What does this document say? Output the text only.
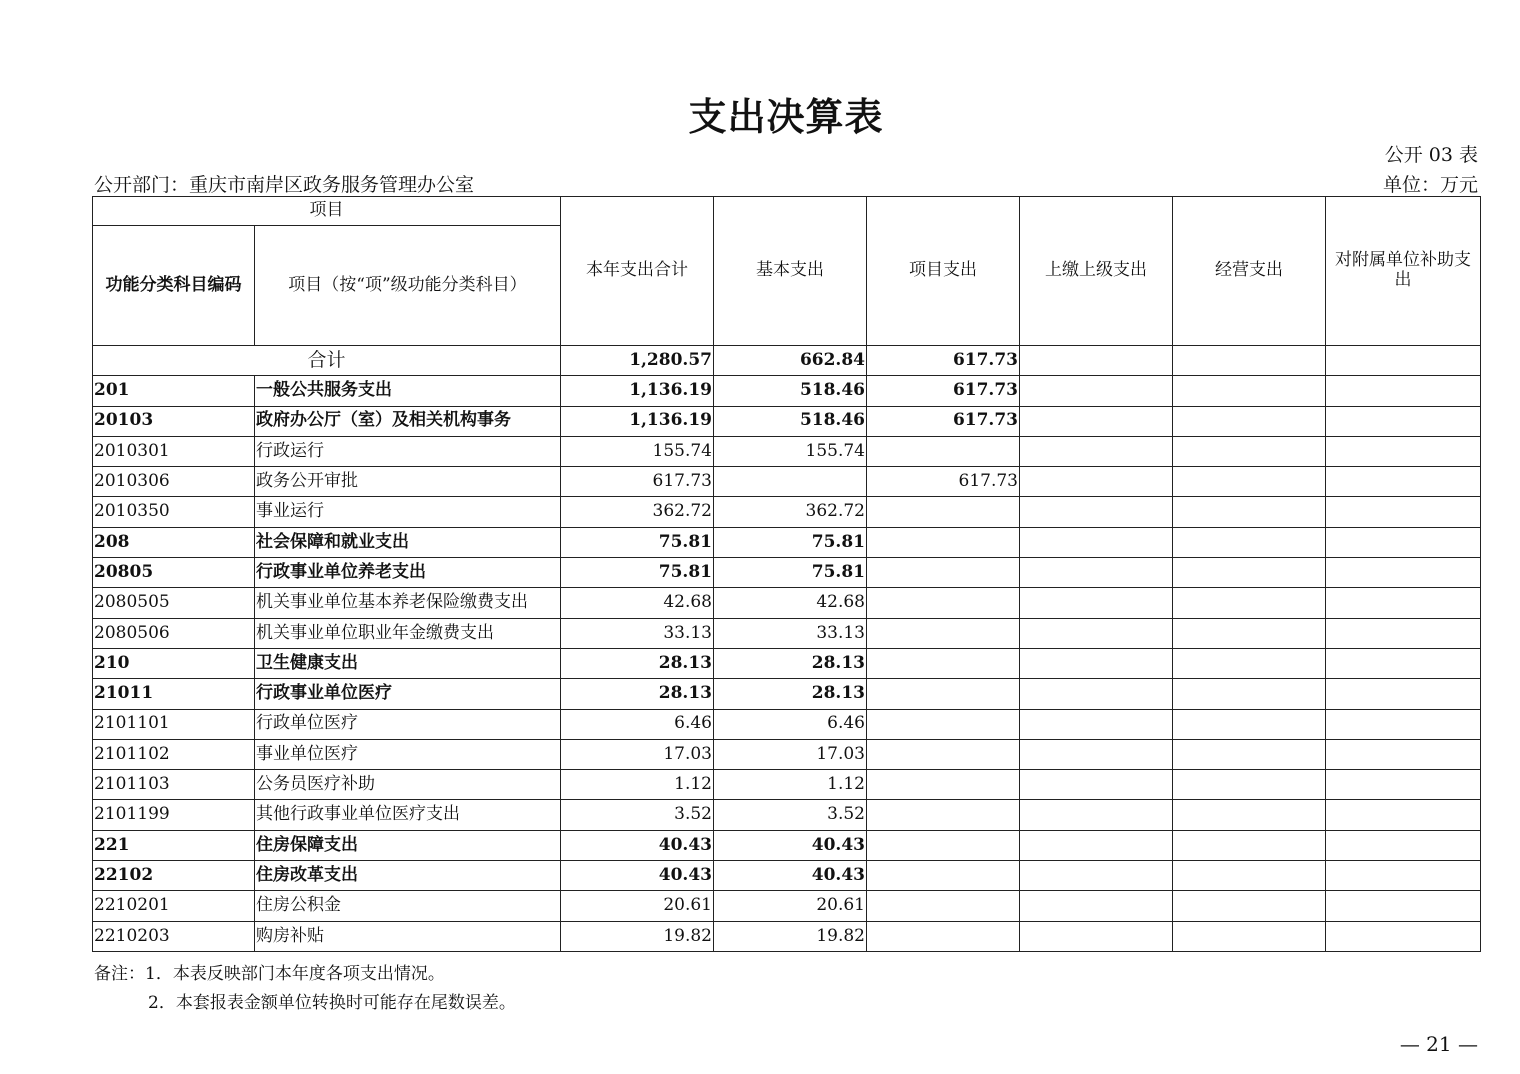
支出决算表
公开 03 表
公开部门：重庆市南岸区政务服务管理办公室	单位：万元
项目		本年支出合计	基本支出	项目支出	上缴上级支出	经营支出	对附属单位补助支出
功能分类科目编码	项目（按“项”级功能分类科目）						
合计		1,280.57	662.84	617.73			
201	一般公共服务支出	1,136.19	518.46	617.73			
20103	政府办公厅（室）及相关机构事务	1,136.19	518.46	617.73			
2010301	行政运行	155.74	155.74				
2010306	政务公开审批	617.73		617.73			
2010350	事业运行	362.72	362.72				
208	社会保障和就业支出	75.81	75.81				
20805	行政事业单位养老支出	75.81	75.81				
2080505	机关事业单位基本养老保险缴费支出	42.68	42.68				
2080506	机关事业单位职业年金缴费支出	33.13	33.13				
210	卫生健康支出	28.13	28.13				
21011	行政事业单位医疗	28.13	28.13				
2101101	行政单位医疗	6.46	6.46				
2101102	事业单位医疗	17.03	17.03				
2101103	公务员医疗补助	1.12	1.12				
2101199	其他行政事业单位医疗支出	3.52	3.52				
221	住房保障支出	40.43	40.43				
22102	住房改革支出	40.43	40.43				
2210201	住房公积金	20.61	20.61				
2210203	购房补贴	19.82	19.82				
备注：1．本表反映部门本年度各项支出情况。
2．本套报表金额单位转换时可能存在尾数误差。
— 21 —
